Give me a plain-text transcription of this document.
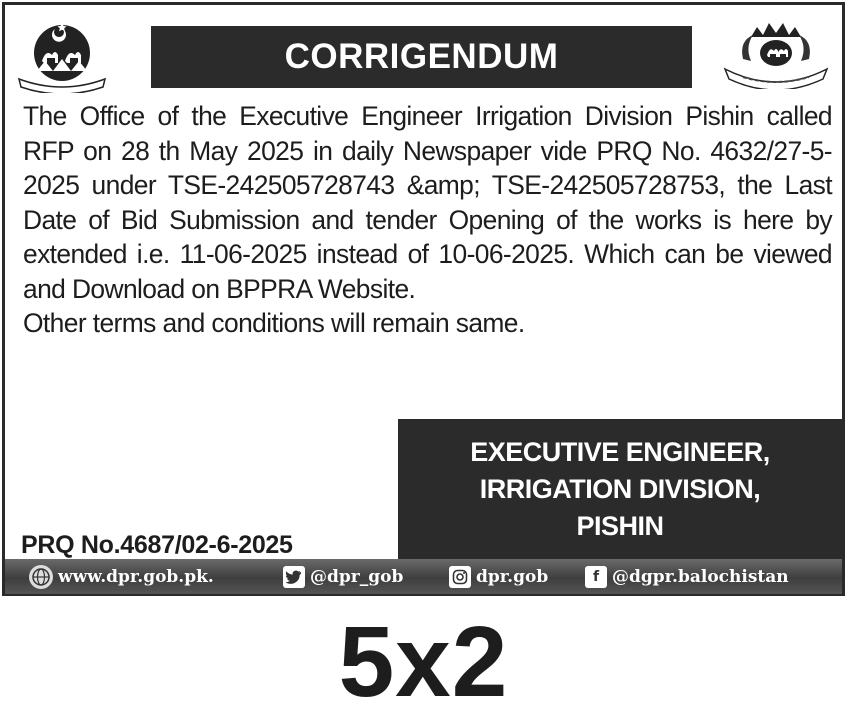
CORRIGENDUM

The Office of the Executive Engineer Irrigation Division Pishin called RFP on 28 th May 2025 in daily Newspaper vide PRQ No. 4632/27-5-2025 under TSE-242505728743 &amp; TSE-242505728753, the Last Date of Bid Submission and tender Opening of the works is here by extended i.e. 11-06-2025 instead of 10-06-2025. Which can be viewed and Download on BPPRA Website.

Other terms and conditions will remain same.

PRQ No.4687/02-6-2025
EXECUTIVE ENGINEER,
IRRIGATION DIVISION,
PISHIN
www.dpr.gob.pk.	@dpr_gob	dpr.gob	f @dgpr.balochistan
5x2
